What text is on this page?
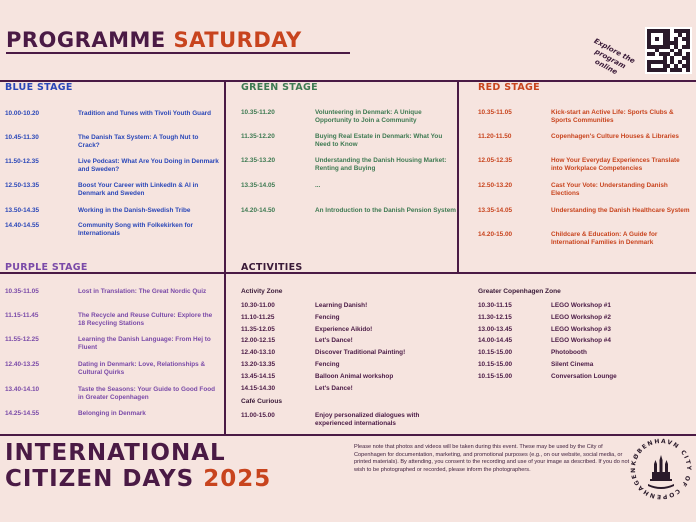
PROGRAMME SATURDAY	Explore the program online
BLUE STAGE
10.00-10.20	Tradition and Tunes with Tivoli Youth Guard
10.45-11.30	The Danish Tax System: A Tough Nut to Crack?
11.50-12.35	Live Podcast: What Are You Doing in Denmark and Sweden?
12.50-13.35	Boost Your Career with LinkedIn & AI in Denmark and Sweden
13.50-14.35	Working in the Danish-Swedish Tribe
14.40-14.55	Community Song with Folkekirken for Internationals
GREEN STAGE
10.35-11.20	Volunteering in Denmark: A Unique Opportunity to Join a Community
11.35-12.20	Buying Real Estate in Denmark: What You Need to Know
12.35-13.20	Understanding the Danish Housing Market: Renting and Buying
13.35-14.05	...
14.20-14.50	An Introduction to the Danish Pension System
RED STAGE
10.35-11.05	Kick-start an Active Life: Sports Clubs & Sports Communities
11.20-11.50	Copenhagen's Culture Houses & Libraries
12.05-12.35	How Your Everyday Experiences Translate into Workplace Competencies
12.50-13.20	Cast Your Vote: Understanding Danish Elections
13.35-14.05	Understanding the Danish Healthcare System
14.20-15.00	Childcare & Education: A Guide for International Families in Denmark
PURPLE STAGE
10.35-11.05	Lost in Translation: The Great Nordic Quiz
11.15-11.45	The Recycle and Reuse Culture: Explore the 18 Recycling Stations
11.55-12.25	Learning the Danish Language: From Hej to Fluent
12.40-13.25	Dating in Denmark: Love, Relationships & Cultural Quirks
13.40-14.10	Taste the Seasons: Your Guide to Good Food in Greater Copenhagen
14.25-14.55	Belonging in Denmark
ACTIVITIES
Activity Zone
10.30-11.00	Learning Danish!
11.10-11.25	Fencing
11.35-12.05	Experience Aikido!
12.00-12.15	Let's Dance!
12.40-13.10	Discover Traditional Painting!
13.20-13.35	Fencing
13.45-14.15	Balloon Animal workshop
14.15-14.30	Let's Dance!
Café Curious
11.00-15.00	Enjoy personalized dialogues with experienced internationals
Greater Copenhagen Zone
10.30-11.15	LEGO Workshop #1
11.30-12.15	LEGO Workshop #2
13.00-13.45	LEGO Workshop #3
14.00-14.45	LEGO Workshop #4
10.15-15.00	Photobooth
10.15-15.00	Silent Cinema
10.15-15.00	Conversation Lounge
INTERNATIONAL
CITIZEN DAYS 2025
Please note that photos and videos will be taken during this event. These may be used by the City of Copenhagen for documentation, marketing, and promotional purposes (e.g., on our website, social media, or printed materials). By attending, you consent to the recording and use of your image as described. If you do not wish to be photographed or recorded, please inform the photographers.
KØBENHAVN CITY OF COPENHAGEN
